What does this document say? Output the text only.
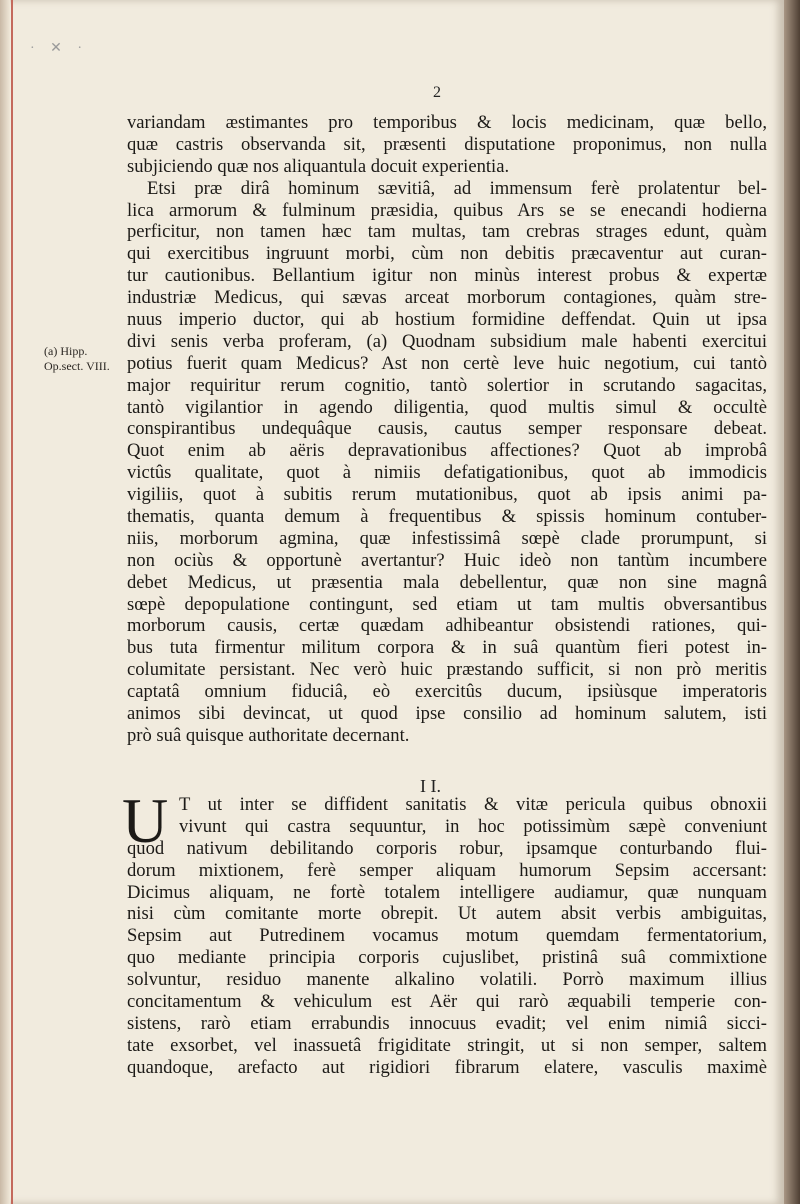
· ✕ ·
2
(a) Hipp. Op.sect. VIII.
variandam æstimantes pro temporibus & locis medicinam, quæ bello,
quæ castris observanda sit, præsenti disputatione proponimus, non nulla
subjiciendo quæ nos aliquantula docuit experientia.
Etsi præ dirâ hominum sævitiâ, ad immensum ferè prolatentur bel-
lica armorum & fulminum præsidia, quibus Ars se se enecandi hodierna
perficitur, non tamen hæc tam multas, tam crebras strages edunt, quàm
qui exercitibus ingruunt morbi, cùm non debitis præcaventur aut curan-
tur cautionibus. Bellantium igitur non minùs interest probus & expertæ
industriæ Medicus, qui sævas arceat morborum contagiones, quàm stre-
nuus imperio ductor, qui ab hostium formidine deffendat. Quin ut ipsa
divi senis verba proferam, (a) Quodnam subsidium male habenti exercitui
potius fuerit quam Medicus? Ast non certè leve huic negotium, cui tantò
major requiritur rerum cognitio, tantò solertior in scrutando sagacitas,
tantò vigilantior in agendo diligentia, quod multis simul & occultè
conspirantibus undequâque causis, cautus semper responsare debeat.
Quot enim ab aëris depravationibus affectiones? Quot ab improbâ
victûs qualitate, quot à nimiis defatigationibus, quot ab immodicis
vigiliis, quot à subitis rerum mutationibus, quot ab ipsis animi pa-
thematis, quanta demum à frequentibus & spissis hominum contuber-
niis, morborum agmina, quæ infestissimâ sœpè clade prorumpunt, si
non ociùs & opportunè avertantur? Huic ideò non tantùm incumbere
debet Medicus, ut præsentia mala debellentur, quæ non sine magnâ
sœpè depopulatione contingunt, sed etiam ut tam multis obversantibus
morborum causis, certæ quædam adhibeantur obsistendi rationes, qui-
bus tuta firmentur militum corpora & in suâ quantùm fieri potest in-
columitate persistant. Nec verò huic præstando sufficit, si non prò meritis
captatâ omnium fiduciâ, eò exercitûs ducum, ipsiùsque imperatoris
animos sibi devincat, ut quod ipse consilio ad hominum salutem, isti
prò suâ quisque authoritate decernant.
I I.
U T ut inter se diffident sanitatis & vitæ pericula quibus obnoxii
vivunt qui castra sequuntur, in hoc potissimùm sæpè conveniunt
quod nativum debilitando corporis robur, ipsamque conturbando flui-
dorum mixtionem, ferè semper aliquam humorum Sepsim accersant:
Dicimus aliquam, ne fortè totalem intelligere audiamur, quæ nunquam
nisi cùm comitante morte obrepit. Ut autem absit verbis ambiguitas,
Sepsim aut Putredinem vocamus motum quemdam fermentatorium,
quo mediante principia corporis cujuslibet, pristinâ suâ commixtione
solvuntur, residuo manente alkalino volatili. Porrò maximum illius
concitamentum & vehiculum est Aër qui rarò æquabili temperie con-
sistens, rarò etiam errabundis innocuus evadit; vel enim nimiâ sicci-
tate exsorbet, vel inassuetâ frigiditate stringit, ut si non semper, saltem
quandoque, arefacto aut rigidiori fibrarum elatere, vasculis maximè
